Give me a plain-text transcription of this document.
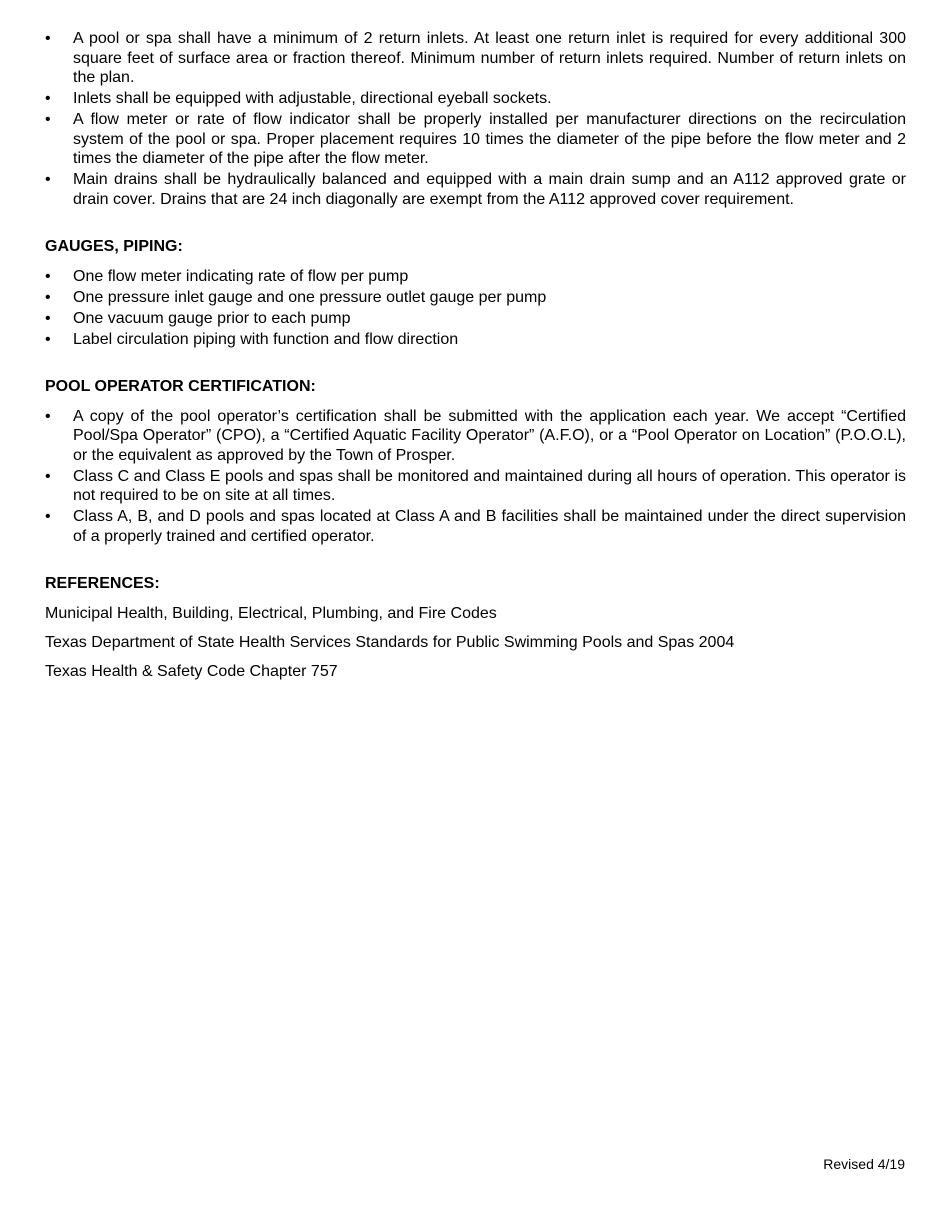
• A pool or spa shall have a minimum of 2 return inlets. At least one return inlet is required for every additional 300 square feet of surface area or fraction thereof. Minimum number of return inlets required. Number of return inlets on the plan.
• Inlets shall be equipped with adjustable, directional eyeball sockets.
• A flow meter or rate of flow indicator shall be properly installed per manufacturer directions on the recirculation system of the pool or spa. Proper placement requires 10 times the diameter of the pipe before the flow meter and 2 times the diameter of the pipe after the flow meter.
• Main drains shall be hydraulically balanced and equipped with a main drain sump and an A112 approved grate or drain cover. Drains that are 24 inch diagonally are exempt from the A112 approved cover requirement.
GAUGES, PIPING:
• One flow meter indicating rate of flow per pump
• One pressure inlet gauge and one pressure outlet gauge per pump
• One vacuum gauge prior to each pump
• Label circulation piping with function and flow direction
POOL OPERATOR CERTIFICATION:
• A copy of the pool operator’s certification shall be submitted with the application each year. We accept “Certified Pool/Spa Operator” (CPO), a “Certified Aquatic Facility Operator” (A.F.O), or a “Pool Operator on Location” (P.O.O.L), or the equivalent as approved by the Town of Prosper.
• Class C and Class E pools and spas shall be monitored and maintained during all hours of operation. This operator is not required to be on site at all times.
• Class A, B, and D pools and spas located at Class A and B facilities shall be maintained under the direct supervision of a properly trained and certified operator.
REFERENCES:
Municipal Health, Building, Electrical, Plumbing, and Fire Codes
Texas Department of State Health Services Standards for Public Swimming Pools and Spas 2004
Texas Health & Safety Code Chapter 757
Revised 4/19
